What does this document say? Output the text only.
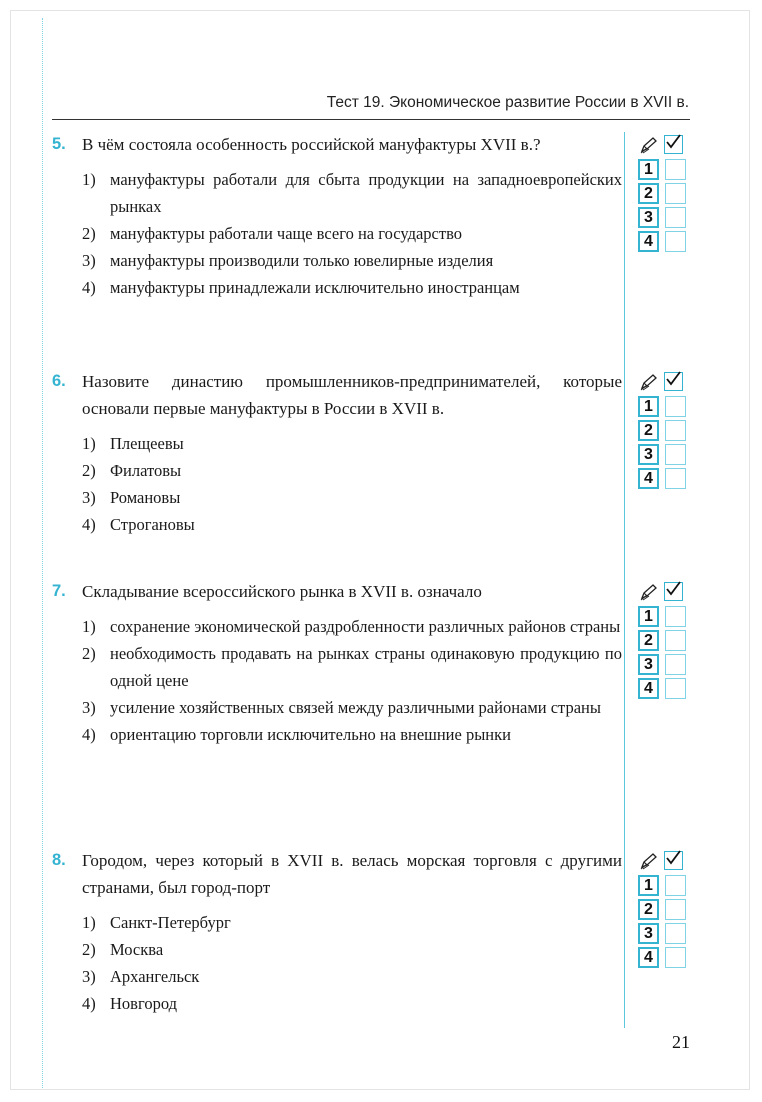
Тест 19. Экономическое развитие России в XVII в.
5. В чём состояла особенность российской мануфактуры XVII в.?
1) мануфактуры работали для сбыта продукции на западноевропейских рынках
2) мануфактуры работали чаще всего на государство
3) мануфактуры производили только ювелирные изделия
4) мануфактуры принадлежали исключительно иностранцам
6. Назовите династию промышленников-предпринимателей, которые основали первые мануфактуры в России в XVII в.
1) Плещеевы
2) Филатовы
3) Романовы
4) Строгановы
7. Складывание всероссийского рынка в XVII в. означало
1) сохранение экономической раздробленности различных районов страны
2) необходимость продавать на рынках страны одинаковую продукцию по одной цене
3) усиление хозяйственных связей между различными районами страны
4) ориентацию торговли исключительно на внешние рынки
8. Городом, через который в XVII в. велась морская торговля с другими странами, был город-порт
1) Санкт-Петербург
2) Москва
3) Архангельск
4) Новгород
1
2
3
4
1
2
3
4
1
2
3
4
1
2
3
4
21
